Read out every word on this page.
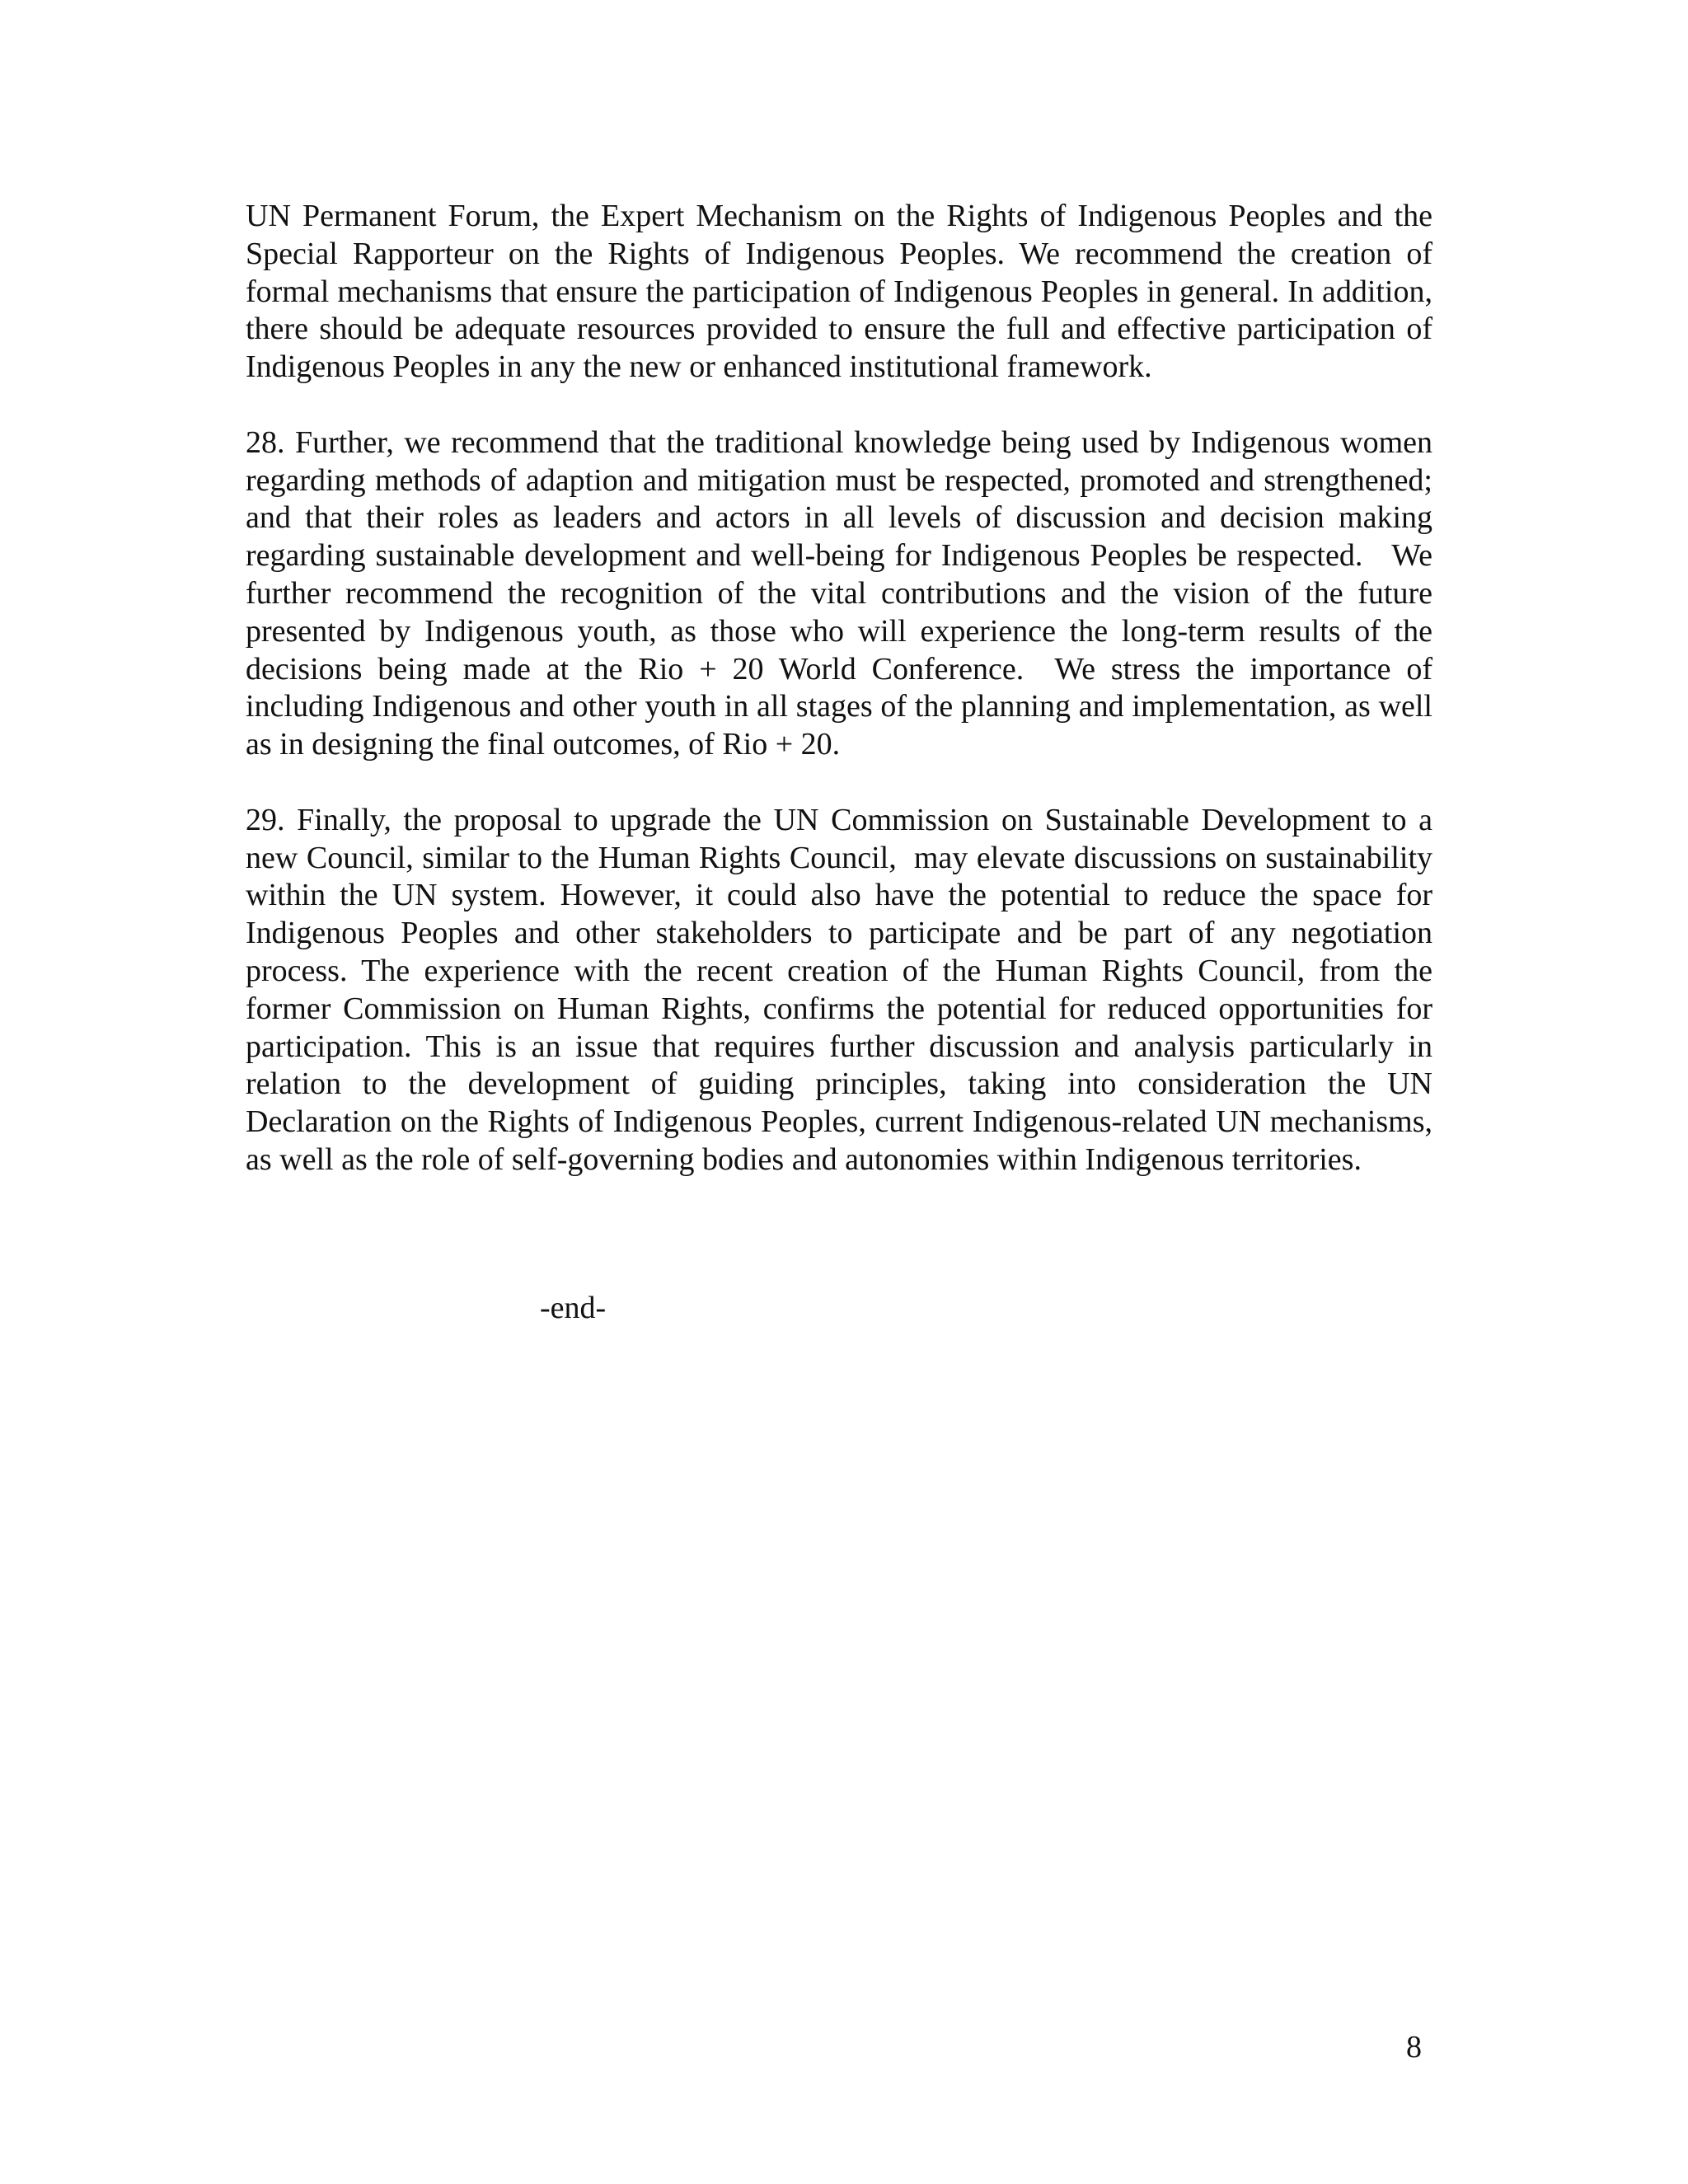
UN Permanent Forum, the Expert Mechanism on the Rights of Indigenous Peoples and the Special Rapporteur on the Rights of Indigenous Peoples. We recommend the creation of formal mechanisms that ensure the participation of Indigenous Peoples in general. In addition, there should be adequate resources provided to ensure the full and effective participation of Indigenous Peoples in any the new or enhanced institutional framework.

28. Further, we recommend that the traditional knowledge being used by Indigenous women regarding methods of adaption and mitigation must be respected, promoted and strengthened; and that their roles as leaders and actors in all levels of discussion and decision making regarding sustainable development and well-being for Indigenous Peoples be respected.   We further recommend the recognition of the vital contributions and the vision of the future presented by Indigenous youth, as those who will experience the long-term results of the decisions being made at the Rio + 20 World Conference.  We stress the importance of including Indigenous and other youth in all stages of the planning and implementation, as well as in designing the final outcomes, of Rio + 20.

29. Finally, the proposal to upgrade the UN Commission on Sustainable Development to a new Council, similar to the Human Rights Council,  may elevate discussions on sustainability within the UN system. However, it could also have the potential to reduce the space for Indigenous Peoples and other stakeholders to participate and be part of any negotiation process. The experience with the recent creation of the Human Rights Council, from the former Commission on Human Rights, confirms the potential for reduced opportunities for participation. This is an issue that requires further discussion and analysis particularly in relation to the development of guiding principles, taking into consideration the UN Declaration on the Rights of Indigenous Peoples, current Indigenous-related UN mechanisms, as well as the role of self-governing bodies and autonomies within Indigenous territories.

-end-
8
